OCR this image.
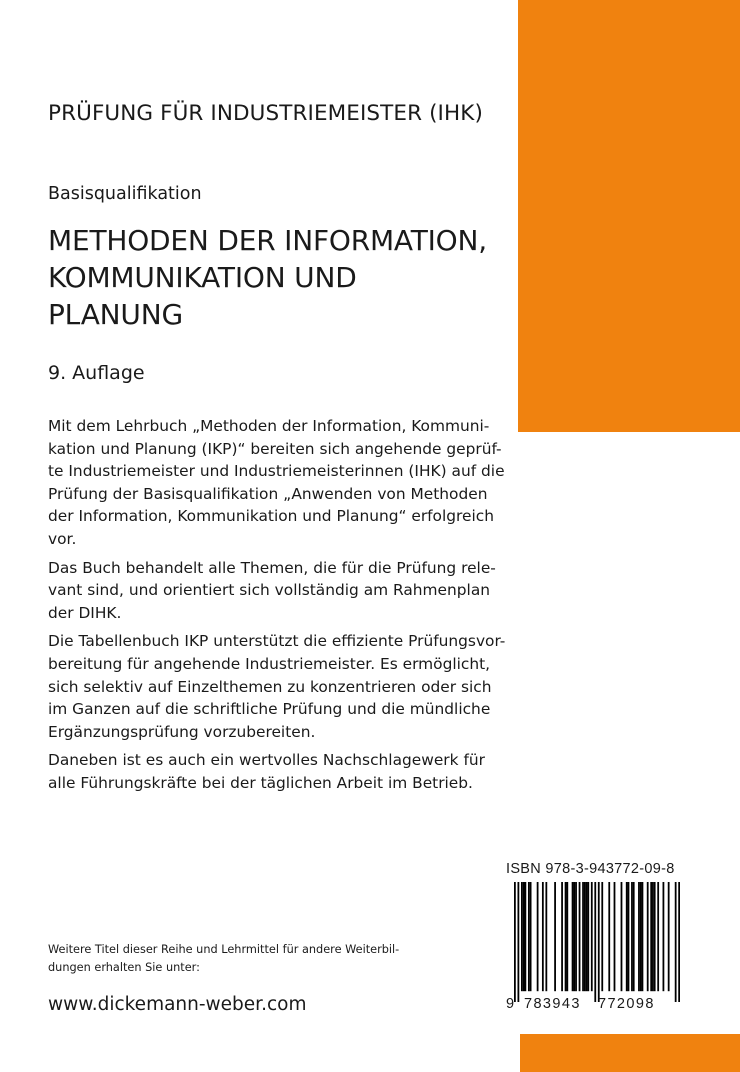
PRÜFUNG FÜR INDUSTRIEMEISTER (IHK)
Basisqualifikation
METHODEN DER INFORMATION,
KOMMUNIKATION UND
PLANUNG
9. Auflage

Mit dem Lehrbuch „Methoden der Information, Kommuni-
kation und Planung (IKP)“ bereiten sich angehende geprüf-
te Industriemeister und Industriemeisterinnen (IHK) auf die
Prüfung der Basisqualifikation „Anwenden von Methoden
der Information, Kommunikation und Planung“ erfolgreich
vor.

Das Buch behandelt alle Themen, die für die Prüfung rele-
vant sind, und orientiert sich vollständig am Rahmenplan
der DIHK.

Die Tabellenbuch IKP unterstützt die effiziente Prüfungsvor-
bereitung für angehende Industriemeister. Es ermöglicht,
sich selektiv auf Einzelthemen zu konzentrieren oder sich
im Ganzen auf die schriftliche Prüfung und die mündliche
Ergänzungsprüfung vorzubereiten.

Daneben ist es auch ein wertvolles Nachschlagewerk für
alle Führungskräfte bei der täglichen Arbeit im Betrieb.

Weitere Titel dieser Reihe und Lehrmittel für andere Weiterbil-
dungen erhalten Sie unter:
www.dickemann-weber.com
ISBN 978-3-943772-09-8
9 783943 772098
